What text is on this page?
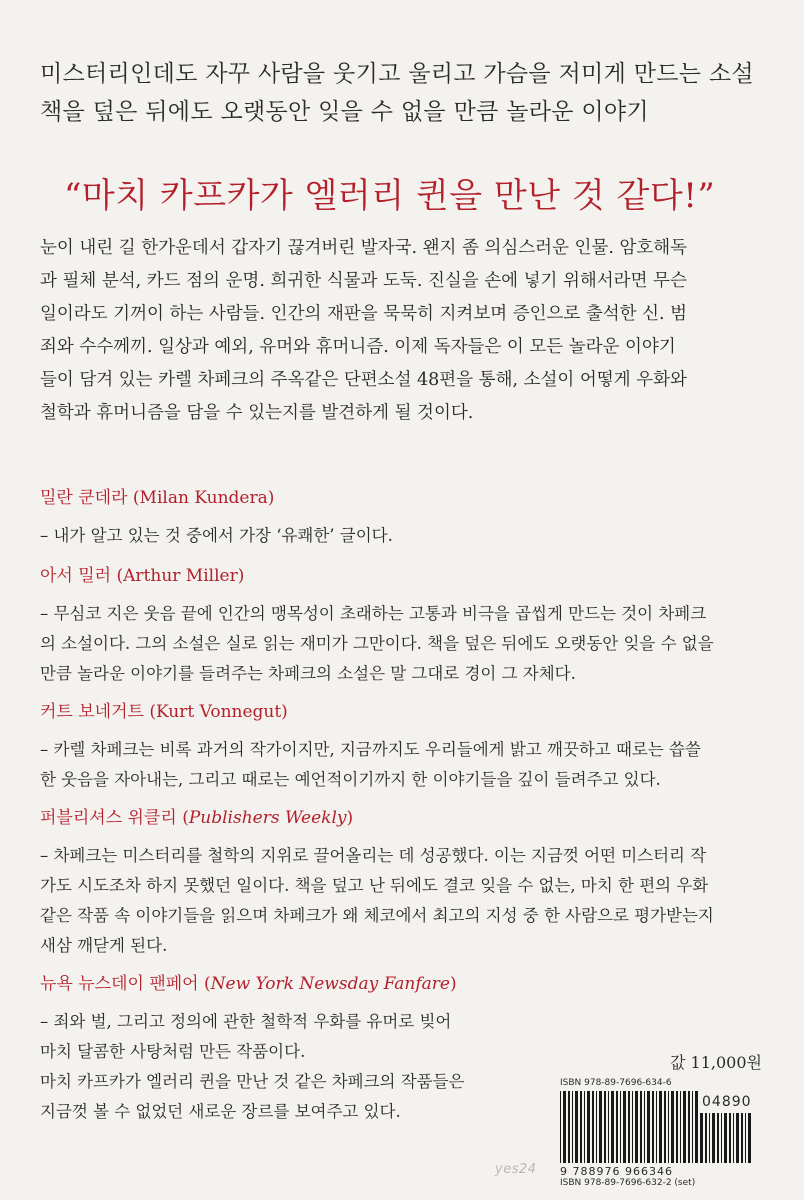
미스터리인데도 자꾸 사람을 웃기고 울리고 가슴을 저미게 만드는 소설
책을 덮은 뒤에도 오랫동안 잊을 수 없을 만큼 놀라운 이야기
“마치 카프카가 엘러리 퀸을 만난 것 같다!”
눈이 내린 길 한가운데서 갑자기 끊겨버린 발자국. 왠지 좀 의심스러운 인물. 암호해독
과 필체 분석, 카드 점의 운명. 희귀한 식물과 도둑. 진실을 손에 넣기 위해서라면 무슨
일이라도 기꺼이 하는 사람들. 인간의 재판을 묵묵히 지켜보며 증인으로 출석한 신. 범
죄와 수수께끼. 일상과 예외, 유머와 휴머니즘. 이제 독자들은 이 모든 놀라운 이야기
들이 담겨 있는 카렐 차페크의 주옥같은 단편소설 48편을 통해, 소설이 어떻게 우화와
철학과 휴머니즘을 담을 수 있는지를 발견하게 될 것이다.
밀란 쿤데라 (Milan Kundera)
– 내가 알고 있는 것 중에서 가장 ‘유쾌한’ 글이다.
아서 밀러 (Arthur Miller)
– 무심코 지은 웃음 끝에 인간의 맹목성이 초래하는 고통과 비극을 곱씹게 만드는 것이 차페크
의 소설이다. 그의 소설은 실로 읽는 재미가 그만이다. 책을 덮은 뒤에도 오랫동안 잊을 수 없을
만큼 놀라운 이야기를 들려주는 차페크의 소설은 말 그대로 경이 그 자체다.
커트 보네거트 (Kurt Vonnegut)
– 카렐 차페크는 비록 과거의 작가이지만, 지금까지도 우리들에게 밝고 깨끗하고 때로는 씁쓸
한 웃음을 자아내는, 그리고 때로는 예언적이기까지 한 이야기들을 깊이 들려주고 있다.
퍼블리셔스 위클리 (Publishers Weekly)
– 차페크는 미스터리를 철학의 지위로 끌어올리는 데 성공했다. 이는 지금껏 어떤 미스터리 작
가도 시도조차 하지 못했던 일이다. 책을 덮고 난 뒤에도 결코 잊을 수 없는, 마치 한 편의 우화
같은 작품 속 이야기들을 읽으며 차페크가 왜 체코에서 최고의 지성 중 한 사람으로 평가받는지
새삼 깨닫게 된다.
뉴욕 뉴스데이 팬페어 (New York Newsday Fanfare)
– 죄와 벌, 그리고 정의에 관한 철학적 우화를 유머로 빚어
마치 달콤한 사탕처럼 만든 작품이다.
마치 카프카가 엘러리 퀸을 만난 것 같은 차페크의 작품들은
지금껏 볼 수 없었던 새로운 장르를 보여주고 있다.
값 11,000원
ISBN 978-89-7696-634-6
04890
9 788976 966346
ISBN 978-89-7696-632-2 (set)
yes24
